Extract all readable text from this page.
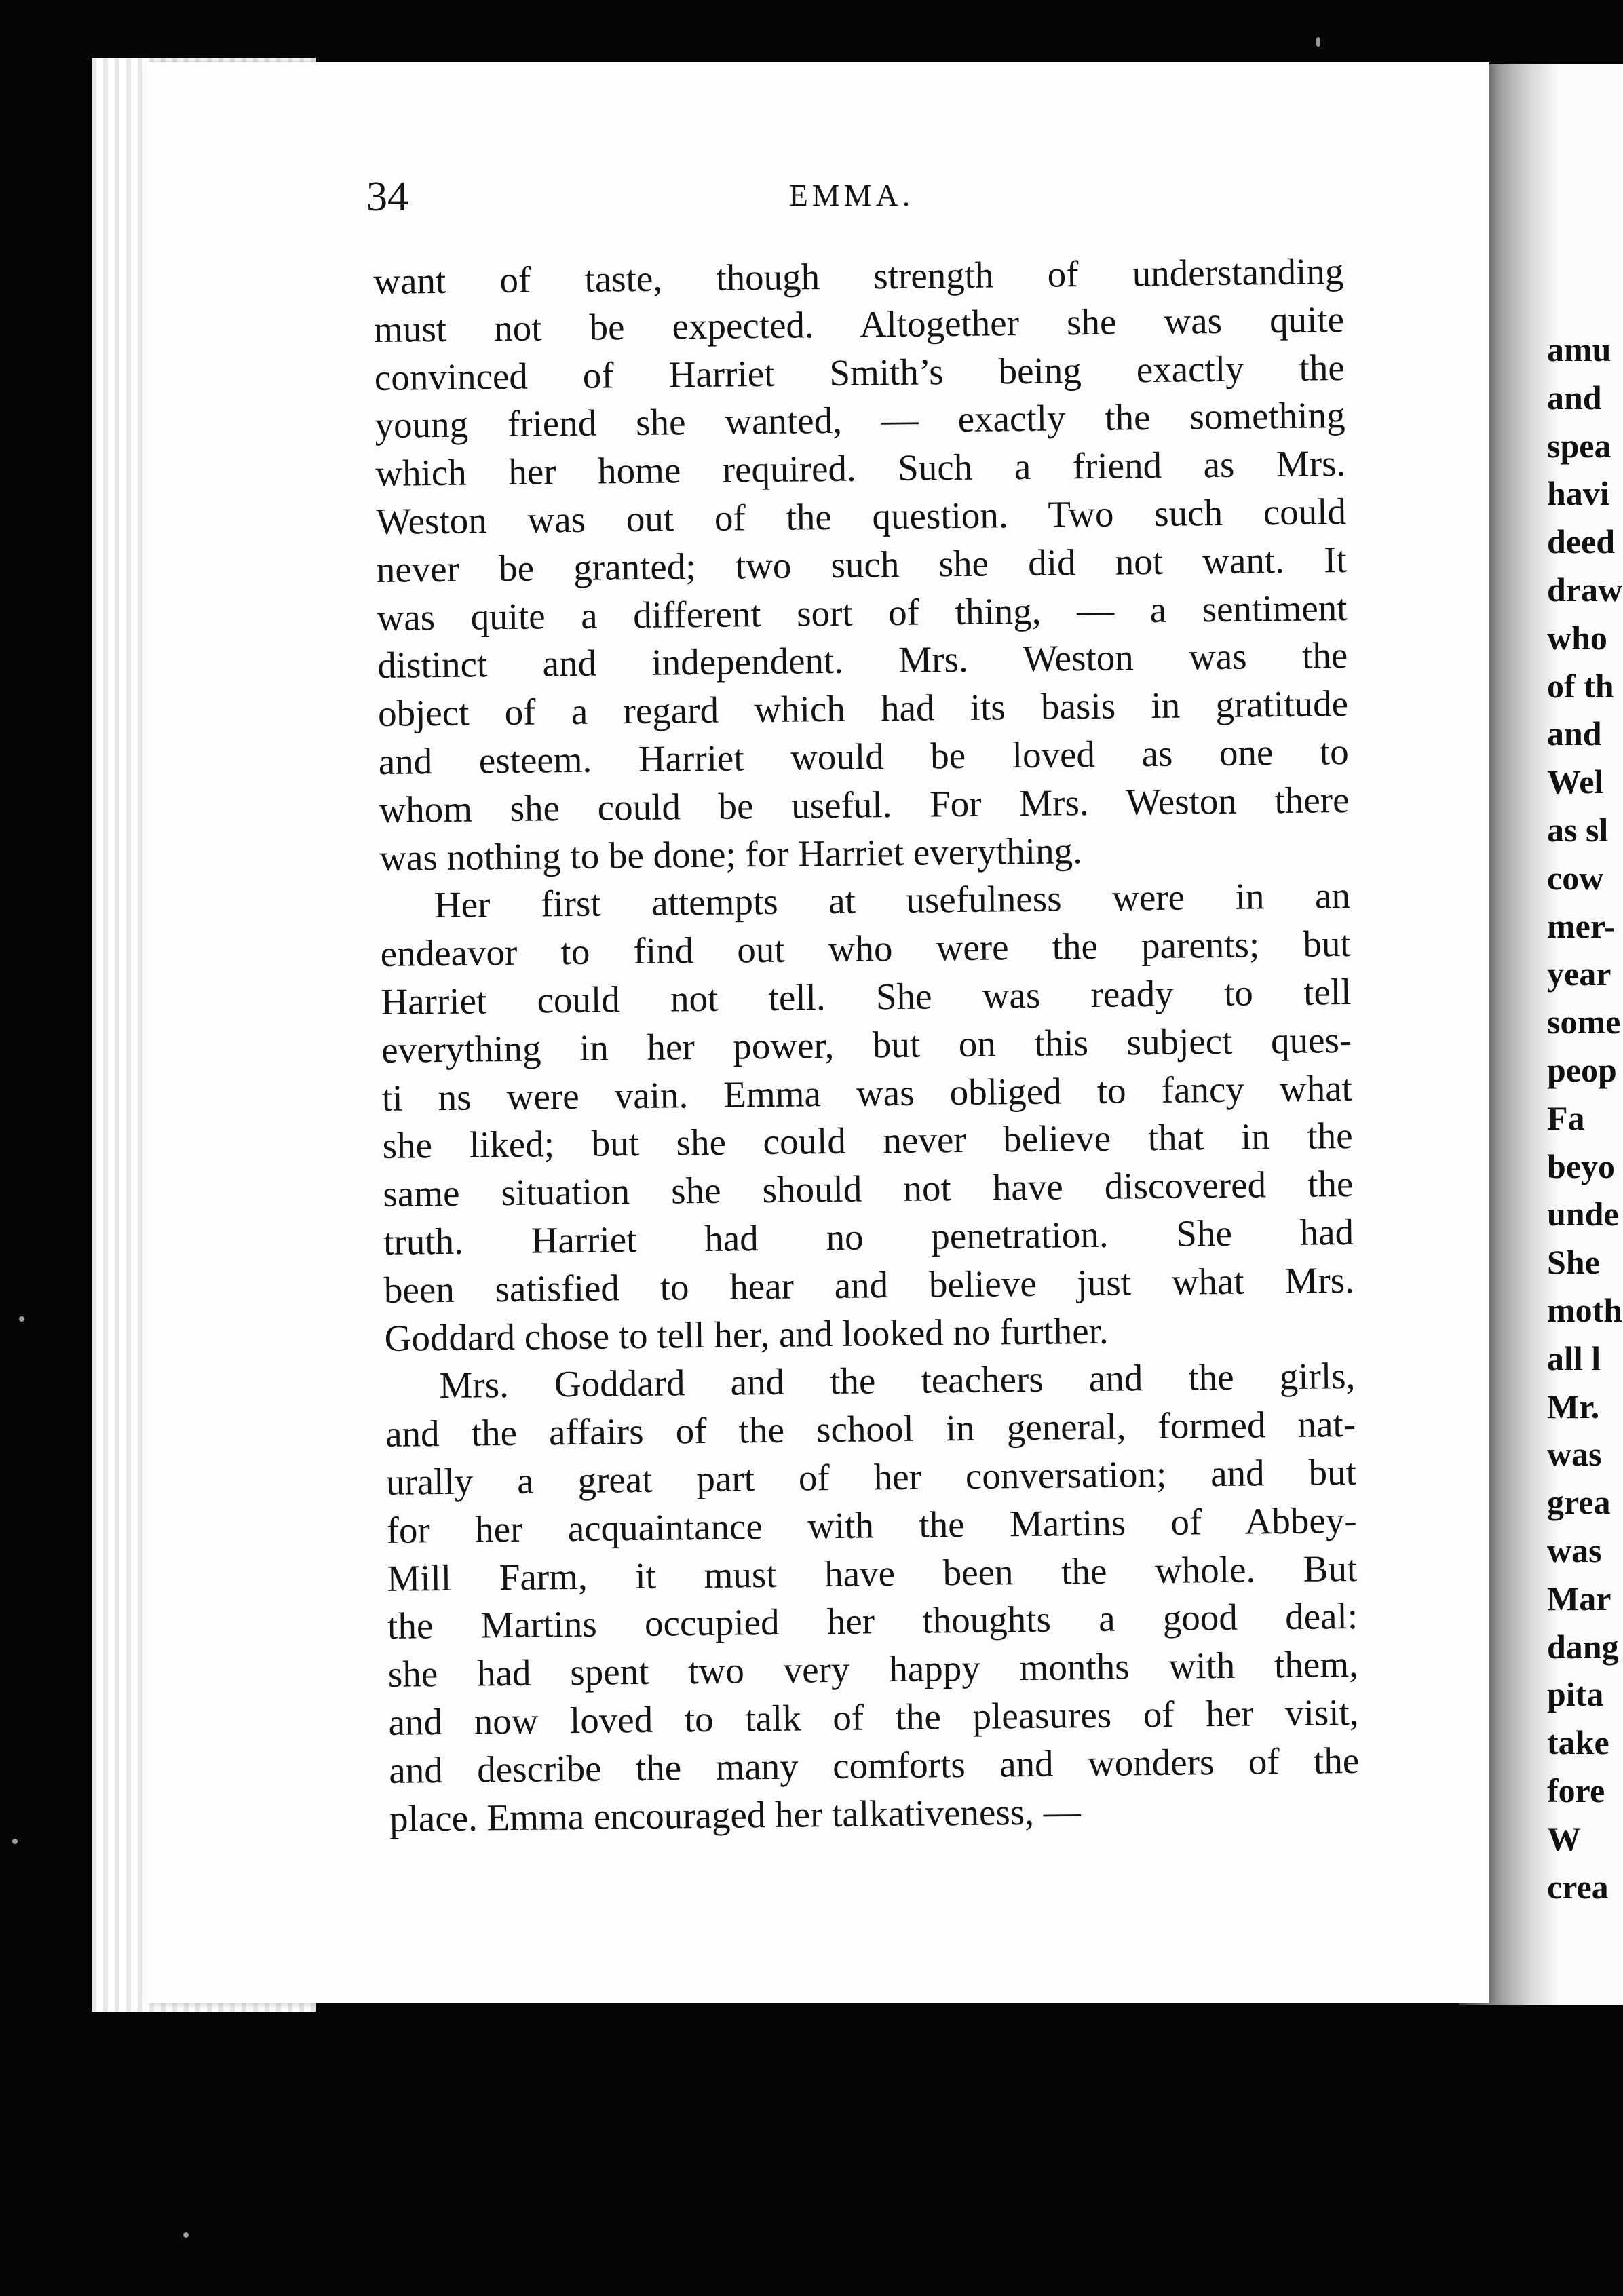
amu
and
spea
havi
deed
draw
who
of th
and
Wel
as sl
cow
mer-
year
some
peop
Fa
beyo
unde
She
moth
all l
Mr.
was
grea
was
Mar
dang
pita
take
fore
W
crea
34	EMMA.
want of taste, though strength of understanding
must not be expected. Altogether she was quite
convinced of Harriet Smith’s being exactly the
young friend she wanted, — exactly the something
which her home required. Such a friend as Mrs.
Weston was out of the question. Two such could
never be granted; two such she did not want. It
was quite a different sort of thing, — a sentiment
distinct and independent. Mrs. Weston was the
object of a regard which had its basis in gratitude
and esteem. Harriet would be loved as one to
whom she could be useful. For Mrs. Weston there
was nothing to be done; for Harriet everything.
Her first attempts at usefulness were in an
endeavor to find out who were the parents; but
Harriet could not tell. She was ready to tell
everything in her power, but on this subject ques-
ti ns were vain. Emma was obliged to fancy what
she liked; but she could never believe that in the
same situation she should not have discovered the
truth. Harriet had no penetration. She had
been satisfied to hear and believe just what Mrs.
Goddard chose to tell her, and looked no further.
Mrs. Goddard and the teachers and the girls,
and the affairs of the school in general, formed nat-
urally a great part of her conversation; and but
for her acquaintance with the Martins of Abbey-
Mill Farm, it must have been the whole. But
the Martins occupied her thoughts a good deal:
she had spent two very happy months with them,
and now loved to talk of the pleasures of her visit,
and describe the many comforts and wonders of the
place. Emma encouraged her talkativeness, —
